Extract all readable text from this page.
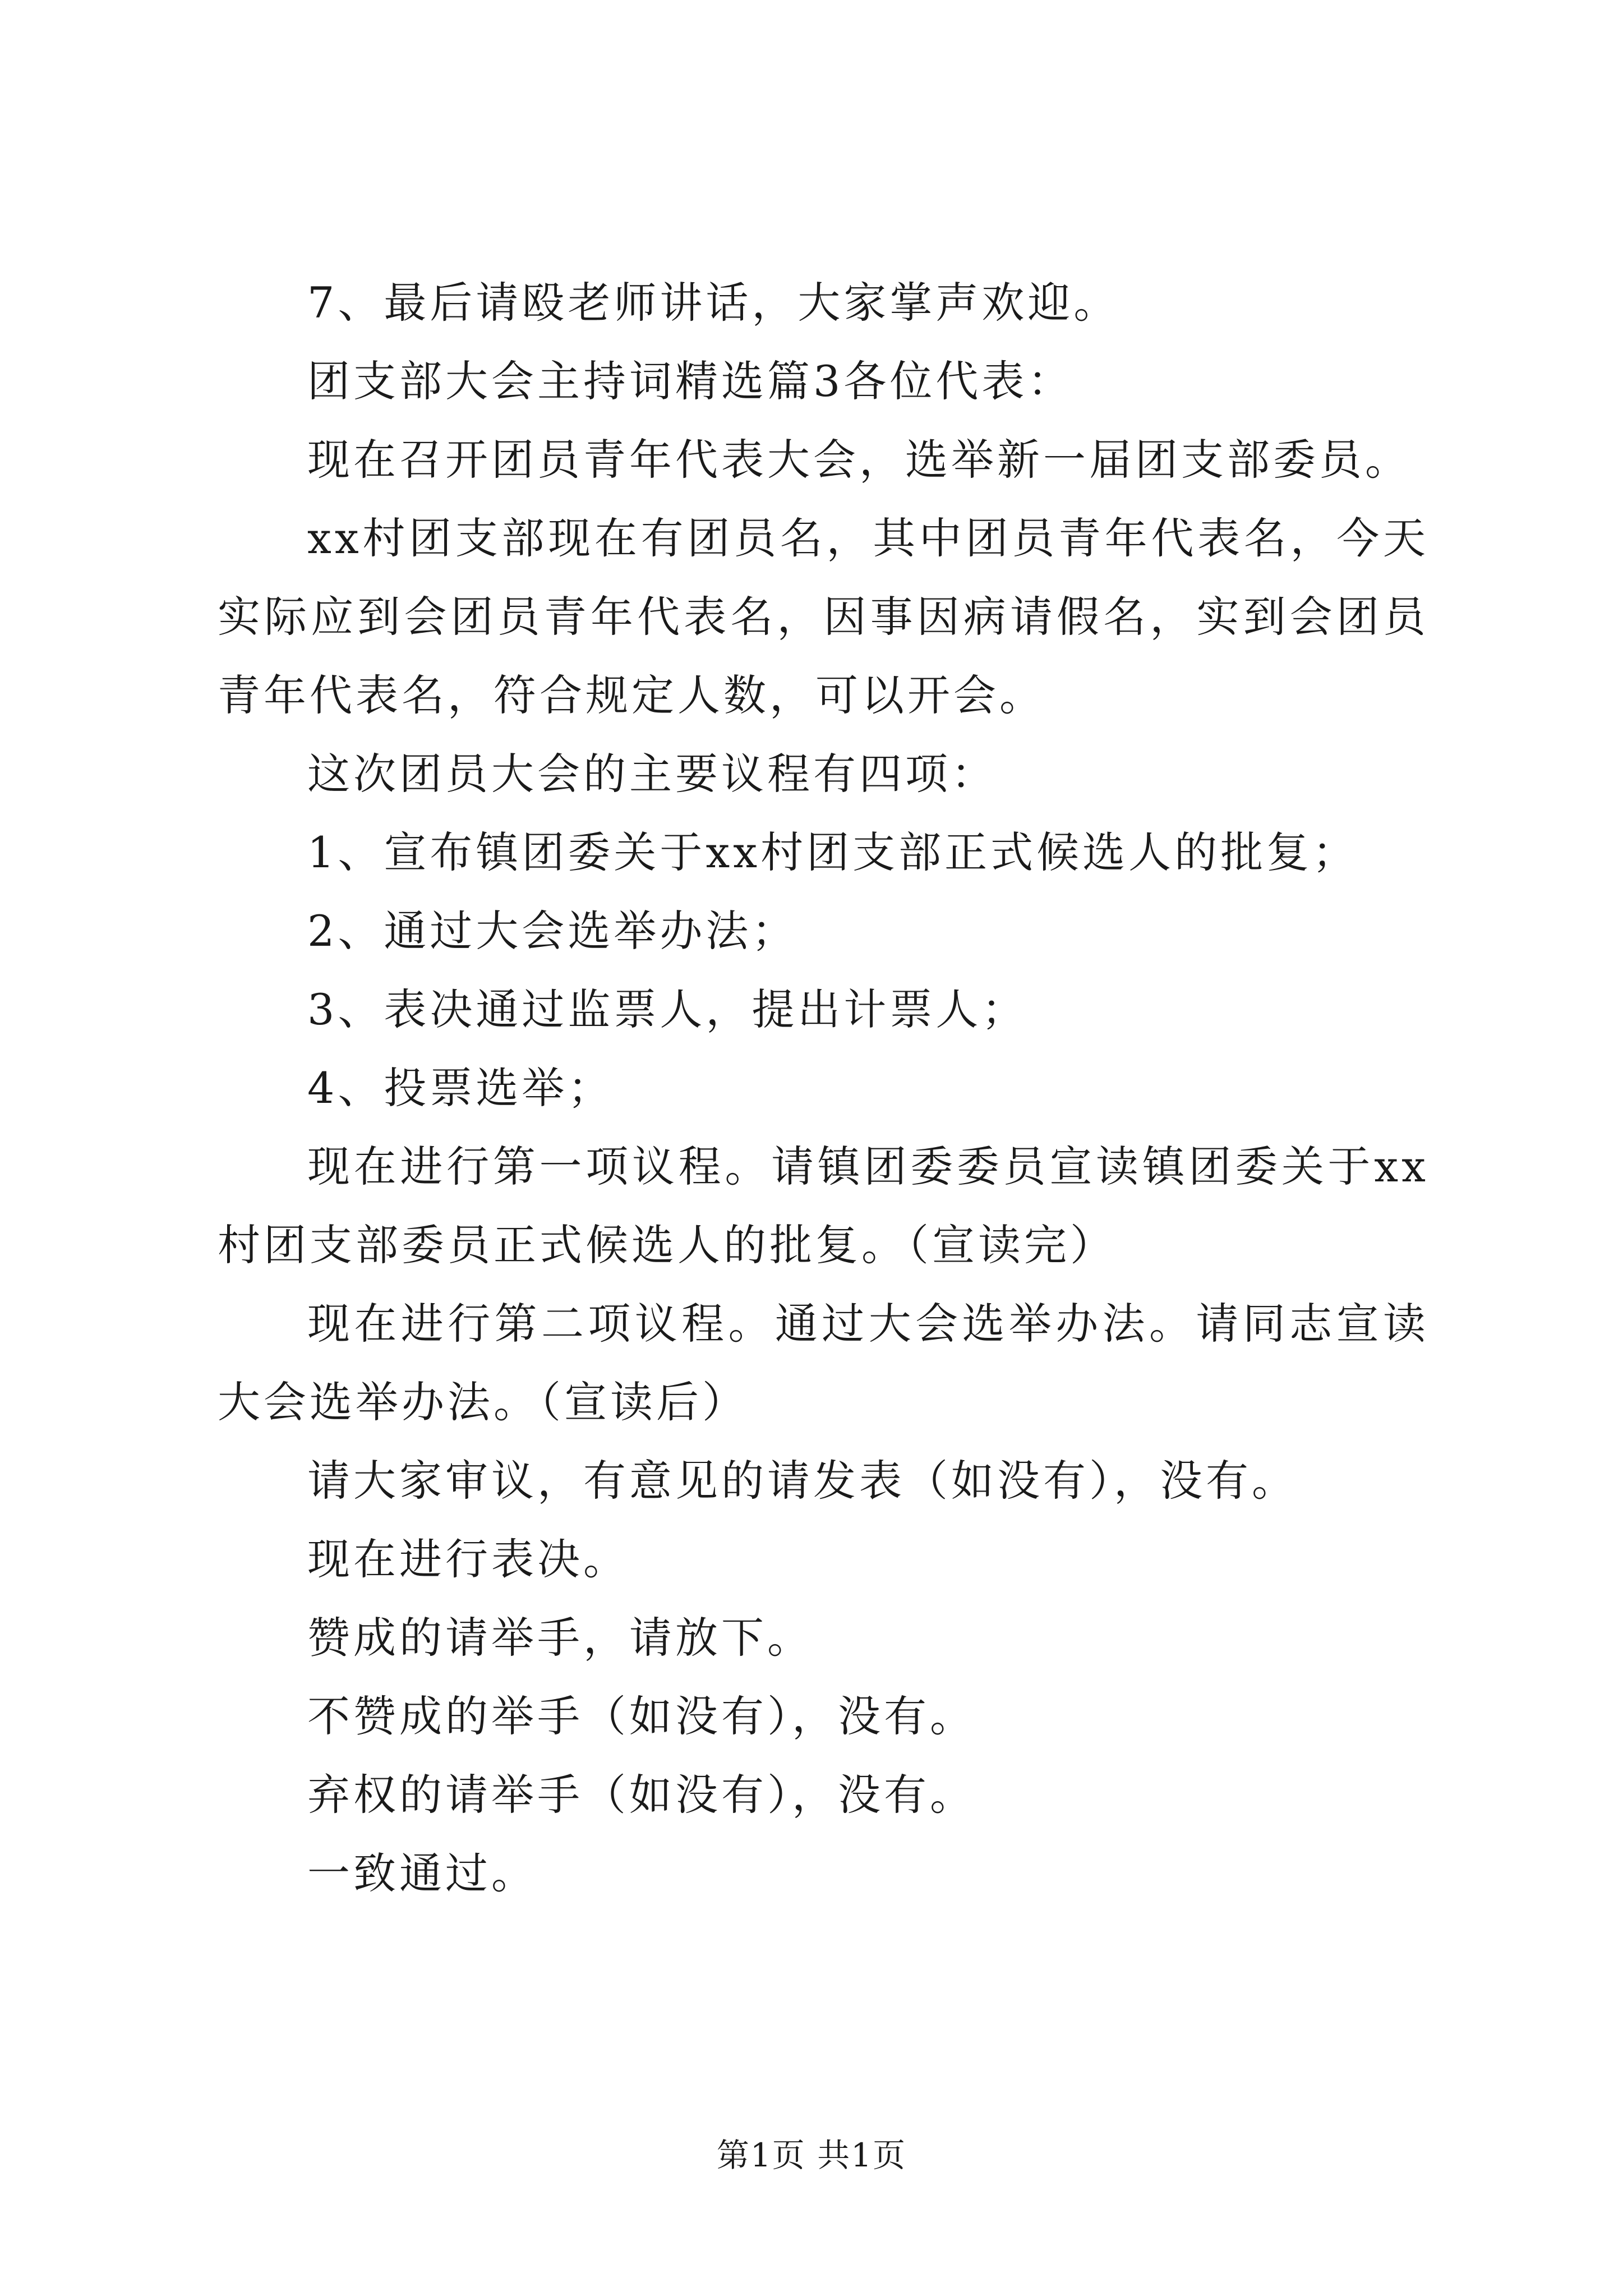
7、最后请殴老师讲话，大家掌声欢迎。

团支部大会主持词精选篇3各位代表：

现在召开团员青年代表大会，选举新一届团支部委员。

xx村团支部现在有团员名，其中团员青年代表名，今天实际应到会团员青年代表名，因事因病请假名，实到会团员青年代表名，符合规定人数，可以开会。

这次团员大会的主要议程有四项：

1、宣布镇团委关于xx村团支部正式候选人的批复；

2、通过大会选举办法；

3、表决通过监票人，提出计票人；

4、投票选举；

现在进行第一项议程。请镇团委委员宣读镇团委关于xx村团支部委员正式候选人的批复。（宣读完）

现在进行第二项议程。通过大会选举办法。请同志宣读大会选举办法。（宣读后）

请大家审议，有意见的请发表（如没有），没有。

现在进行表决。

赞成的请举手，请放下。

不赞成的举手（如没有），没有。

弃权的请举手（如没有），没有。

一致通过。

第1页 共1页
